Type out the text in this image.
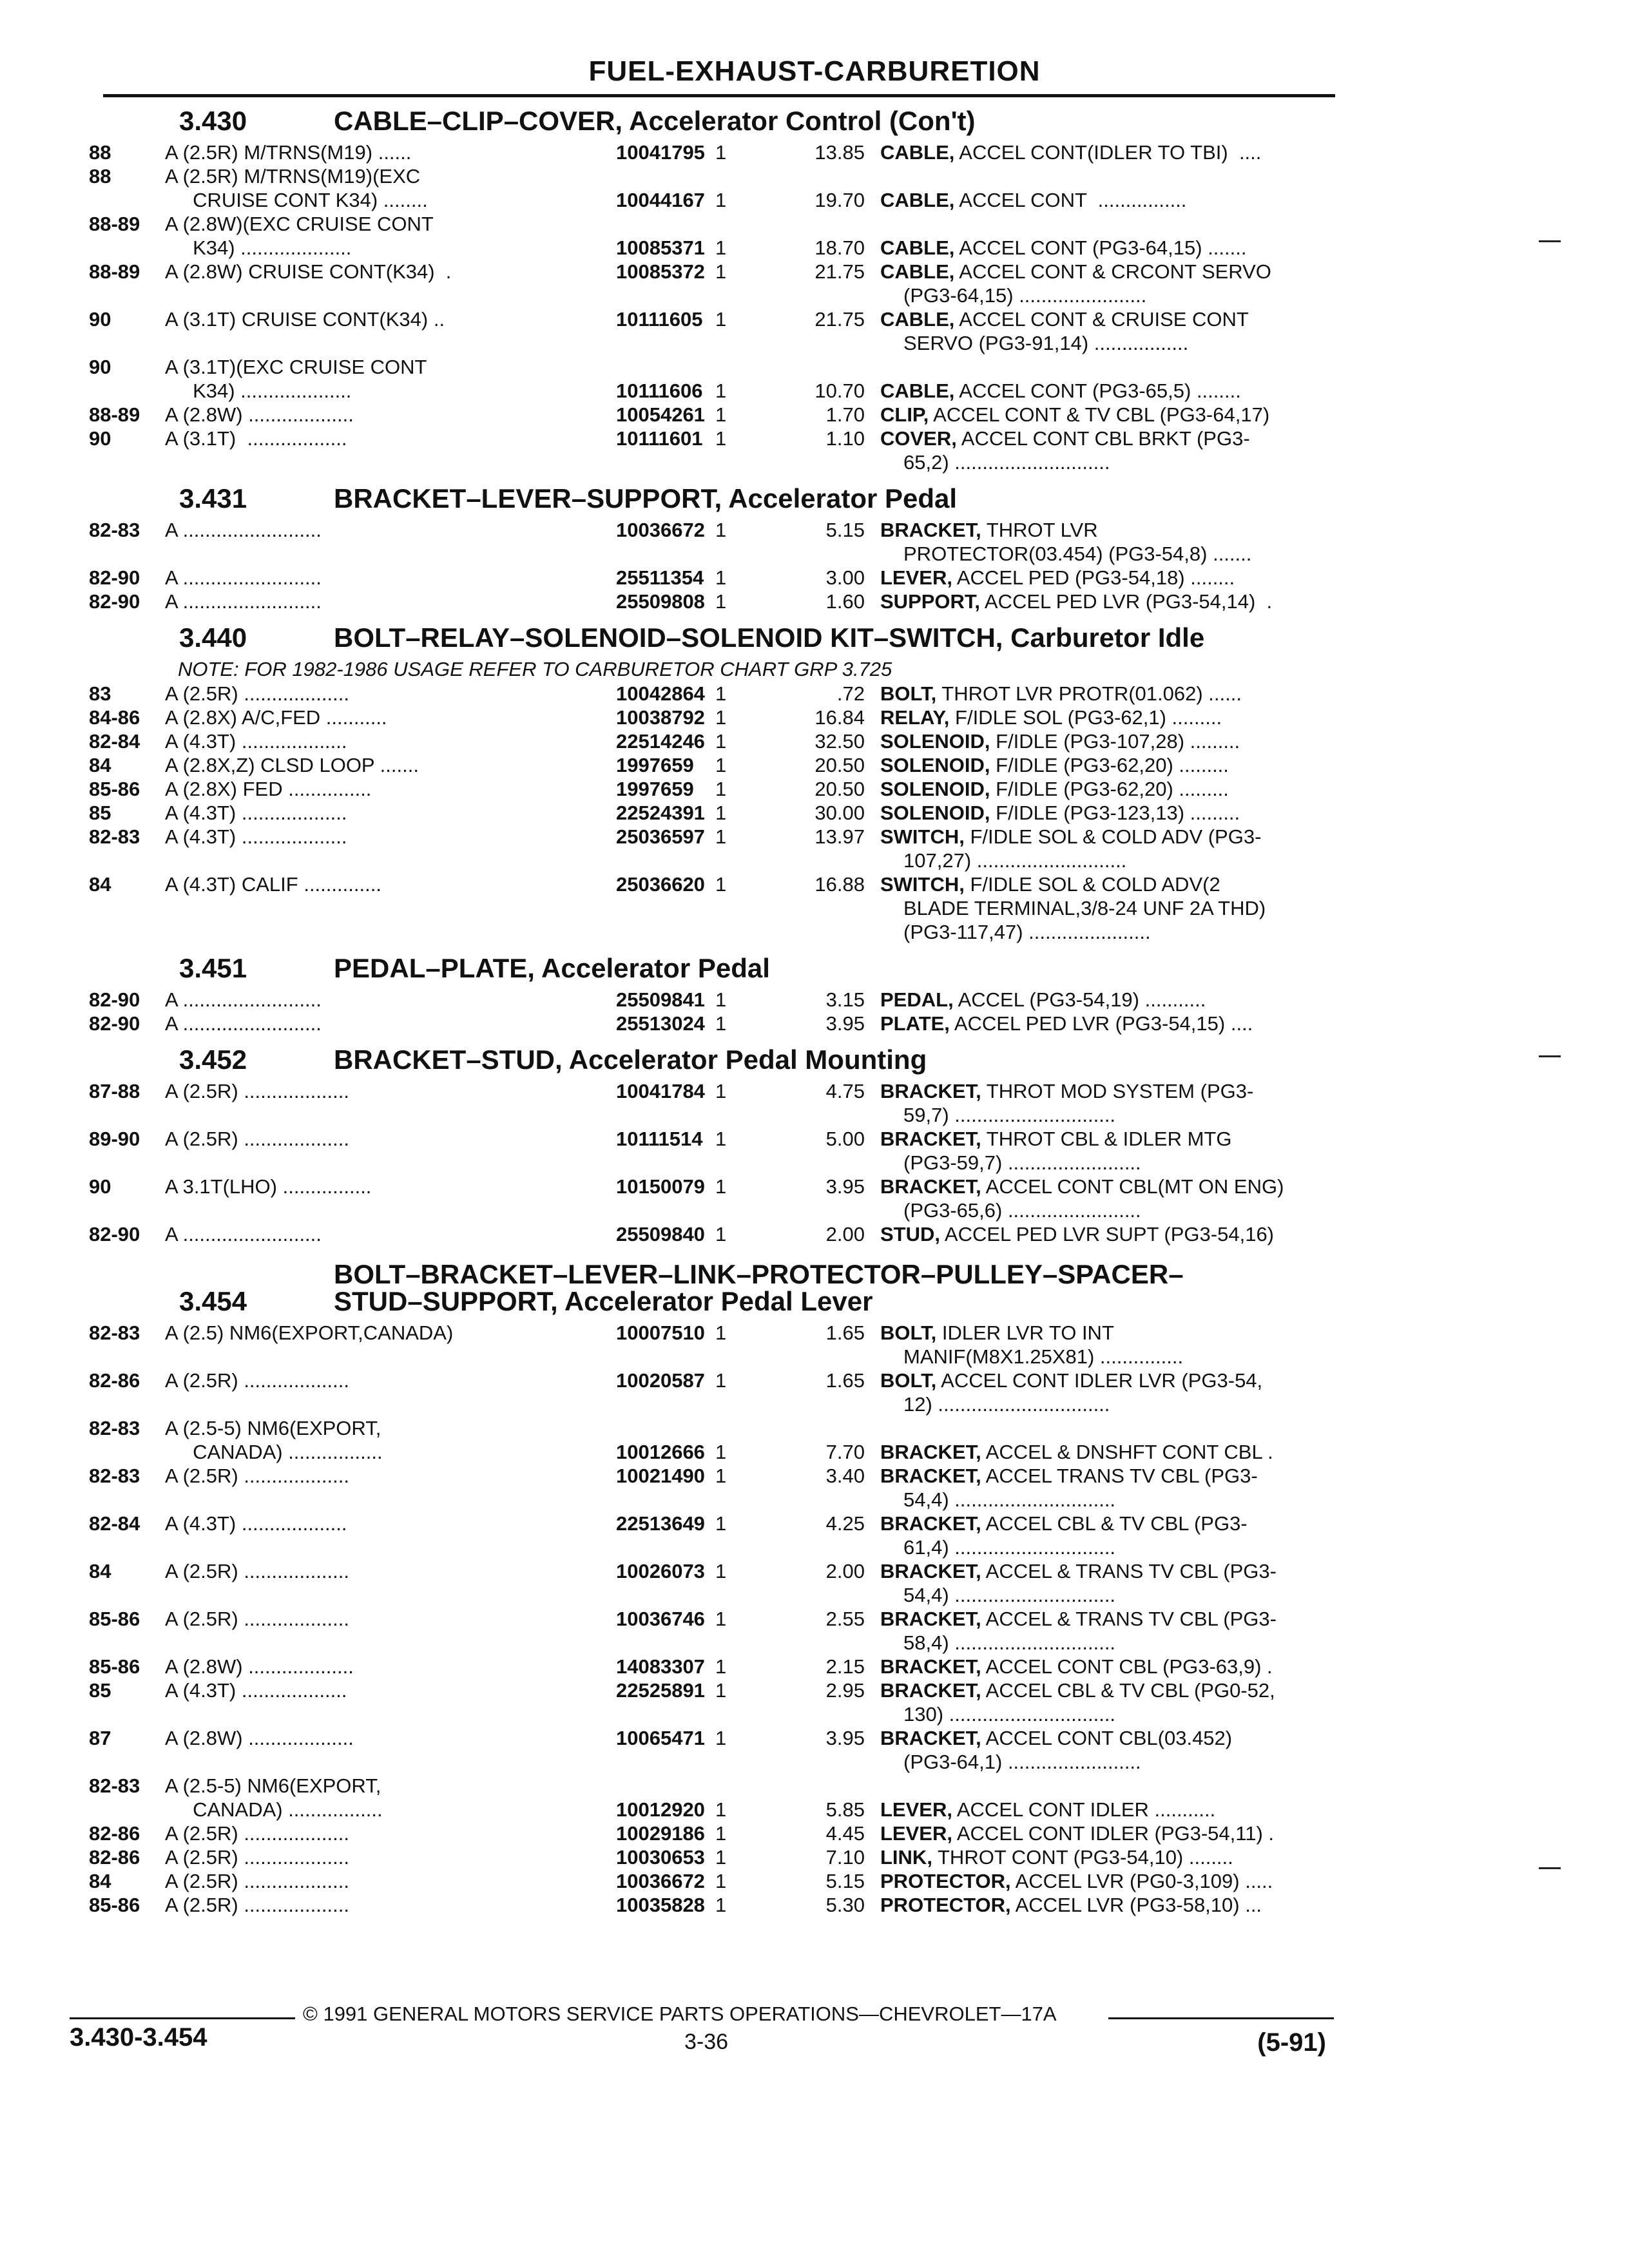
FUEL-EXHAUST-CARBURETION
3.430	CABLE–CLIP–COVER, Accelerator Control (Con't)
88	A (2.5R) M/TRNS(M19) ......	10041795 1	13.85 CABLE, ACCEL CONT(IDLER TO TBI)  ....
88	A (2.5R) M/TRNS(M19)(EXC
CRUISE CONT K34) ........	10044167 1	19.70 CABLE, ACCEL CONT  ................
88-89	A (2.8W)(EXC CRUISE CONT
K34) ....................	10085371 1	18.70 CABLE, ACCEL CONT (PG3-64,15) .......
88-89	A (2.8W) CRUISE CONT(K34)  .	10085372 1	21.75 CABLE, ACCEL CONT & CRCONT SERVO
(PG3-64,15) .......................
90	A (3.1T) CRUISE CONT(K34) ..	10111605 1	21.75 CABLE, ACCEL CONT & CRUISE CONT
SERVO (PG3-91,14) .................
90	A (3.1T)(EXC CRUISE CONT
K34) ....................	10111606 1	10.70 CABLE, ACCEL CONT (PG3-65,5) ........
88-89	A (2.8W) ...................	10054261 1	1.70 CLIP, ACCEL CONT & TV CBL (PG3-64,17)
90	A (3.1T)  ..................	10111601 1	1.10 COVER, ACCEL CONT CBL BRKT (PG3-
65,2) ............................
3.431	BRACKET–LEVER–SUPPORT, Accelerator Pedal
82-83	A .........................	10036672 1	5.15 BRACKET, THROT LVR
PROTECTOR(03.454) (PG3-54,8) .......
82-90	A .........................	25511354 1	3.00 LEVER, ACCEL PED (PG3-54,18) ........
82-90	A .........................	25509808 1	1.60 SUPPORT, ACCEL PED LVR (PG3-54,14)  .
3.440	BOLT–RELAY–SOLENOID–SOLENOID KIT–SWITCH, Carburetor Idle
NOTE: FOR 1982-1986 USAGE REFER TO CARBURETOR CHART GRP 3.725
83	A (2.5R) ...................	10042864 1	.72 BOLT, THROT LVR PROTR(01.062) ......
84-86	A (2.8X) A/C,FED ...........	10038792 1	16.84 RELAY, F/IDLE SOL (PG3-62,1) .........
82-84	A (4.3T) ...................	22514246 1	32.50 SOLENOID, F/IDLE (PG3-107,28) .........
84	A (2.8X,Z) CLSD LOOP .......	1997659	1	20.50 SOLENOID, F/IDLE (PG3-62,20) .........
85-86	A (2.8X) FED ...............	1997659	1	20.50 SOLENOID, F/IDLE (PG3-62,20) .........
85	A (4.3T) ...................	22524391 1	30.00 SOLENOID, F/IDLE (PG3-123,13) .........
82-83	A (4.3T) ...................	25036597 1	13.97 SWITCH, F/IDLE SOL & COLD ADV (PG3-
107,27) ...........................
84	A (4.3T) CALIF ..............	25036620 1	16.88 SWITCH, F/IDLE SOL & COLD ADV(2
BLADE TERMINAL,3/8-24 UNF 2A THD)
(PG3-117,47) ......................
3.451	PEDAL–PLATE, Accelerator Pedal
82-90	A .........................	25509841 1	3.15 PEDAL, ACCEL (PG3-54,19) ...........
82-90	A .........................	25513024 1	3.95 PLATE, ACCEL PED LVR (PG3-54,15) ....
3.452	BRACKET–STUD, Accelerator Pedal Mounting
87-88	A (2.5R) ...................	10041784 1	4.75 BRACKET, THROT MOD SYSTEM (PG3-
59,7) .............................
89-90	A (2.5R) ...................	10111514 1	5.00 BRACKET, THROT CBL & IDLER MTG
(PG3-59,7) ........................
90	A 3.1T(LHO) ................	10150079 1	3.95 BRACKET, ACCEL CONT CBL(MT ON ENG)
(PG3-65,6) ........................
82-90	A .........................	25509840 1	2.00 STUD, ACCEL PED LVR SUPT (PG3-54,16)
3.454
BOLT–BRACKET–LEVER–LINK–PROTECTOR–PULLEY–SPACER–
STUD–SUPPORT, Accelerator Pedal Lever
82-83	A (2.5) NM6(EXPORT,CANADA)	10007510 1	1.65 BOLT, IDLER LVR TO INT
MANIF(M8X1.25X81) ...............
82-86	A (2.5R) ...................	10020587 1	1.65 BOLT, ACCEL CONT IDLER LVR (PG3-54,
12) ...............................
82-83	A (2.5-5) NM6(EXPORT,
CANADA) .................	10012666 1	7.70 BRACKET, ACCEL & DNSHFT CONT CBL .
82-83	A (2.5R) ...................	10021490 1	3.40 BRACKET, ACCEL TRANS TV CBL (PG3-
54,4) .............................
82-84	A (4.3T) ...................	22513649 1	4.25 BRACKET, ACCEL CBL & TV CBL (PG3-
61,4) .............................
84	A (2.5R) ...................	10026073 1	2.00 BRACKET, ACCEL & TRANS TV CBL (PG3-
54,4) .............................
85-86	A (2.5R) ...................	10036746 1	2.55 BRACKET, ACCEL & TRANS TV CBL (PG3-
58,4) .............................
85-86	A (2.8W) ...................	14083307 1	2.15 BRACKET, ACCEL CONT CBL (PG3-63,9) .
85	A (4.3T) ...................	22525891 1	2.95 BRACKET, ACCEL CBL & TV CBL (PG0-52,
130) ..............................
87	A (2.8W) ...................	10065471 1	3.95 BRACKET, ACCEL CONT CBL(03.452)
(PG3-64,1) ........................
82-83	A (2.5-5) NM6(EXPORT,
CANADA) .................	10012920 1	5.85 LEVER, ACCEL CONT IDLER ...........
82-86	A (2.5R) ...................	10029186 1	4.45 LEVER, ACCEL CONT IDLER (PG3-54,11) .
82-86	A (2.5R) ...................	10030653 1	7.10 LINK, THROT CONT (PG3-54,10) ........
84	A (2.5R) ...................	10036672 1	5.15 PROTECTOR, ACCEL LVR (PG0-3,109) .....
85-86	A (2.5R) ...................	10035828 1	5.30 PROTECTOR, ACCEL LVR (PG3-58,10) ...
© 1991 GENERAL MOTORS SERVICE PARTS OPERATIONS—CHEVROLET—17A
3.430-3.454	3-36	(5-91)
